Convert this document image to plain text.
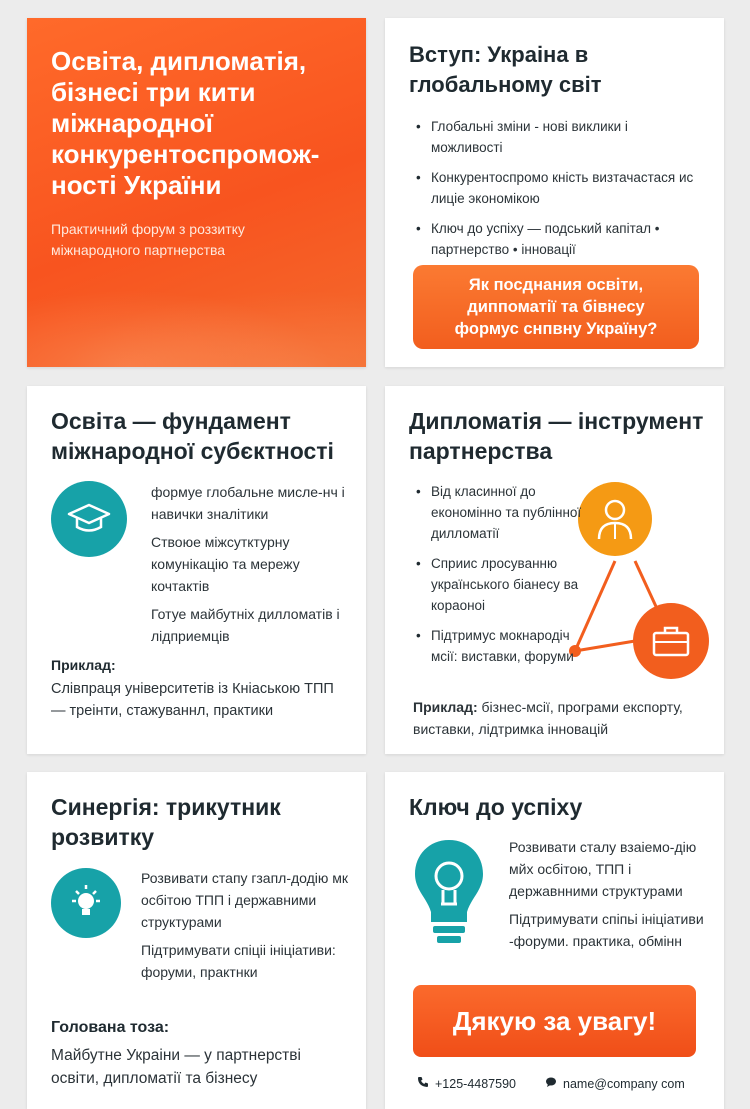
Освіта, дипломатія, бізнесі три кити міжнародної конкурентоспромож-ності України
Практичний форум з роззитку міжнародного партнерства
Вступ: Украіна в глобальному світ
• Глобальні зміни - нові виклики і можливості
• Конкурентоспромо кність визтачастася ис лиціе экономікою
• Ключ до успіху — подський капітал • партнерство • інновації
Як посднания освіти, диппоматії та бівнесу формус снпвну Україну?
Освіта — фундамент міжнародної субєктності
формуе глобальне мисле-нч і навички зналітики
Ствоюе міжсутктурну комунікацію та мережу кочтактів
Готуе майбутніх дилломатів і лідприемців
Приклад:
Слівпраця університетів із Кніаською ТПП — треінти, стажуваннл, практики
Дипломатія — інструмент партнерства
• Від класинної до економінно та публінної дилломатії
• Сприис лросуванню українського біанесу ва кораоноі
• Підтримус мокнародіч мсії: виставки, форуми
Приклад: бізнес-мсії, програми експорту, виставки, лідтримка інновацій
Синергія: трикутник розвитку
Розвивати стапу гзапл-додію мк осбітою ТПП і державними структурами
Підтримувати спіціі ініціативи: форуми, практнки
Голована тоза:
Майбутне Украіни — у партнерстві освіти, дипломатії та бізнесу
Ключ до успіху
Розвивати сталу взаіемо-дію мйх осбітою, ТПП і державнними структурами
Підтримувати спіпьі ініціативи -форуми. практика, обмінн
Дякую за увагу!
+125-4487590	name@company com
